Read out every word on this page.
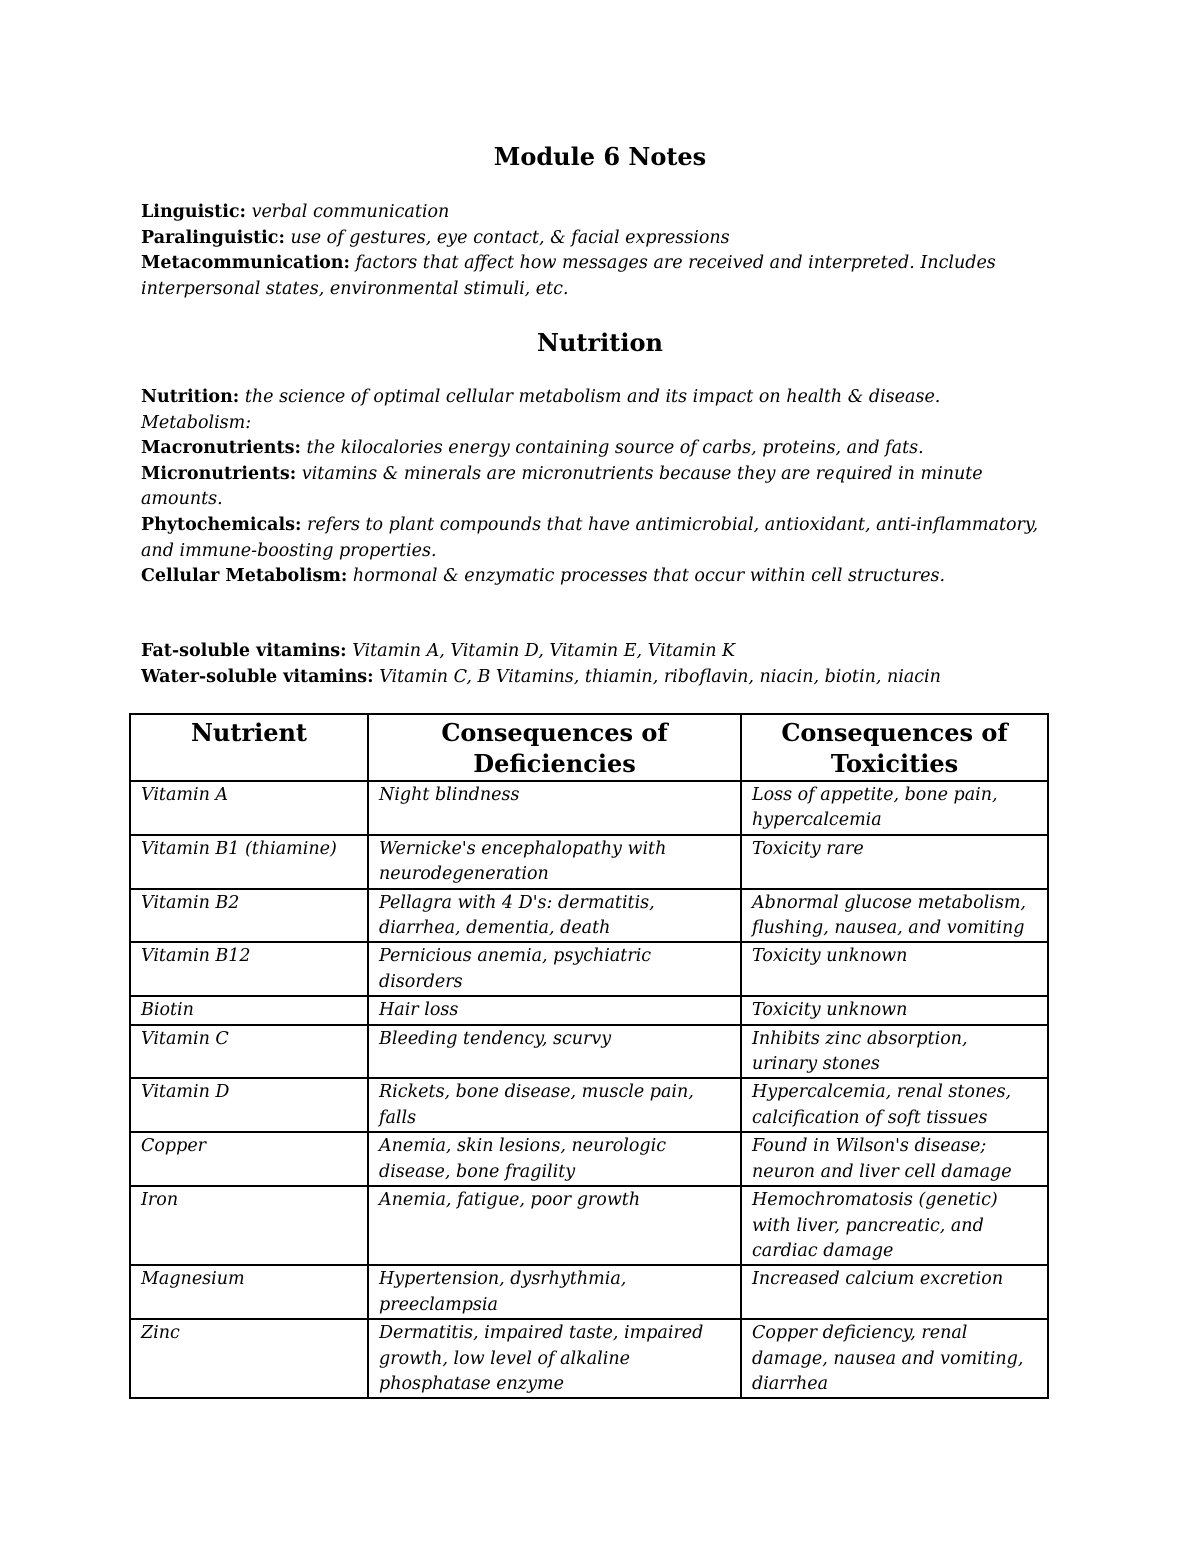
Module 6 Notes

Linguistic: verbal communication

Paralinguistic: use of gestures, eye contact, & facial expressions

Metacommunication: factors that affect how messages are received and interpreted. Includes interpersonal states, environmental stimuli, etc.

Nutrition

Nutrition: the science of optimal cellular metabolism and its impact on health & disease.

Metabolism:

Macronutrients: the kilocalories energy containing source of carbs, proteins, and fats.

Micronutrients: vitamins & minerals are micronutrients because they are required in minute amounts.

Phytochemicals: refers to plant compounds that have antimicrobial, antioxidant, anti-inflammatory, and immune-boosting properties.

Cellular Metabolism: hormonal & enzymatic processes that occur within cell structures.

Fat-soluble vitamins: Vitamin A, Vitamin D, Vitamin E, Vitamin K

Water-soluble vitamins: Vitamin C, B Vitamins, thiamin, riboflavin, niacin, biotin, niacin

Nutrient	Consequences of Deficiencies	Consequences of Toxicities
Vitamin A	Night blindness	Loss of appetite, bone pain, hypercalcemia
Vitamin B1 (thiamine)	Wernicke's encephalopathy with neurodegeneration	Toxicity rare
Vitamin B2	Pellagra with 4 D's: dermatitis, diarrhea, dementia, death	Abnormal glucose metabolism, flushing, nausea, and vomiting
Vitamin B12	Pernicious anemia, psychiatric disorders	Toxicity unknown
Biotin	Hair loss	Toxicity unknown
Vitamin C	Bleeding tendency, scurvy	Inhibits zinc absorption, urinary stones
Vitamin D	Rickets, bone disease, muscle pain, falls	Hypercalcemia, renal stones, calcification of soft tissues
Copper	Anemia, skin lesions, neurologic disease, bone fragility	Found in Wilson's disease; neuron and liver cell damage
Iron	Anemia, fatigue, poor growth	Hemochromatosis (genetic) with liver, pancreatic, and cardiac damage
Magnesium	Hypertension, dysrhythmia, preeclampsia	Increased calcium excretion
Zinc	Dermatitis, impaired taste, impaired growth, low level of alkaline phosphatase enzyme	Copper deficiency, renal damage, nausea and vomiting, diarrhea
